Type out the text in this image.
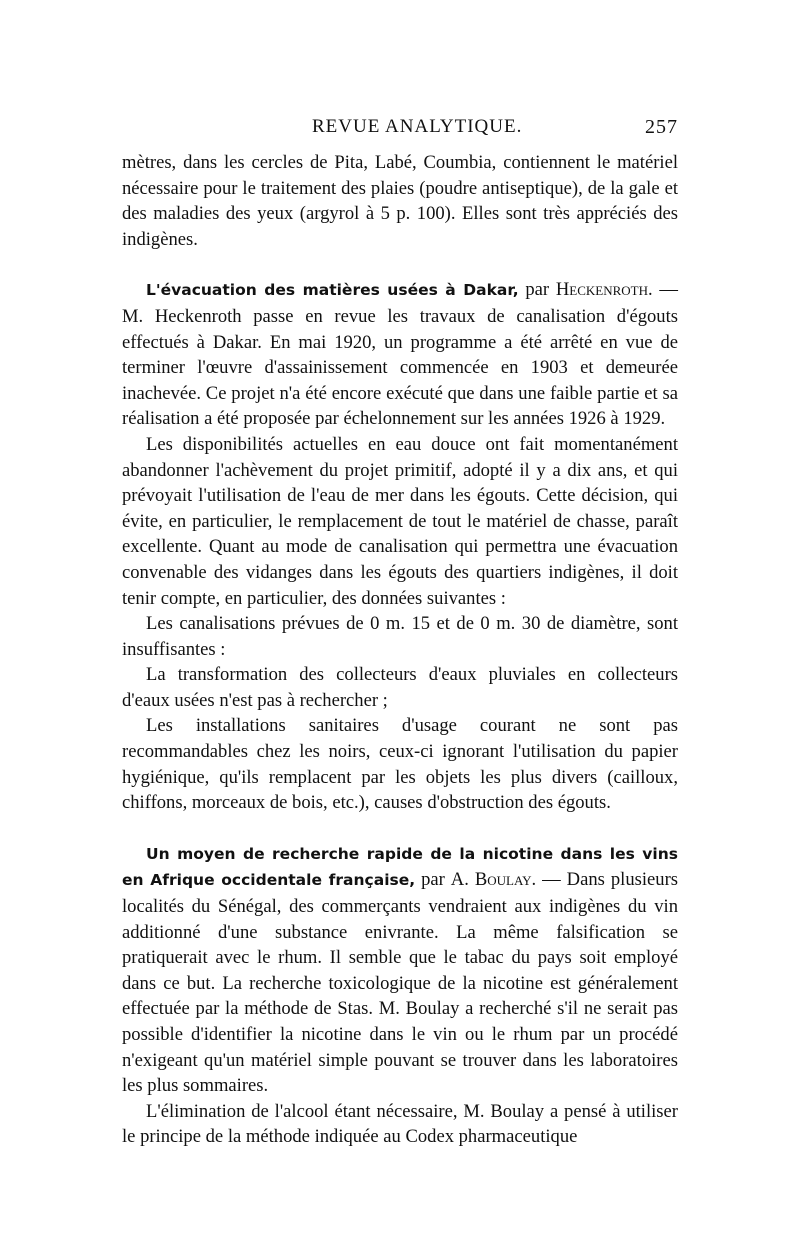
REVUE ANALYTIQUE.	257

mètres, dans les cercles de Pita, Labé, Coumbia, contiennent le matériel nécessaire pour le traitement des plaies (poudre antiseptique), de la gale et des maladies des yeux (argyrol à 5 p. 100). Elles sont très appréciés des indigènes.

L'évacuation des matières usées à Dakar, par Heckenroth. — M. Heckenroth passe en revue les travaux de canalisation d'égouts effectués à Dakar. En mai 1920, un programme a été arrêté en vue de terminer l'œuvre d'assainissement commencée en 1903 et demeurée inachevée. Ce projet n'a été encore exécuté que dans une faible partie et sa réalisation a été proposée par échelonnement sur les années 1926 à 1929.

Les disponibilités actuelles en eau douce ont fait momentanément abandonner l'achèvement du projet primitif, adopté il y a dix ans, et qui prévoyait l'utilisation de l'eau de mer dans les égouts. Cette décision, qui évite, en particulier, le remplacement de tout le matériel de chasse, paraît excellente. Quant au mode de canalisation qui permettra une évacuation convenable des vidanges dans les égouts des quartiers indigènes, il doit tenir compte, en particulier, des données suivantes :

Les canalisations prévues de 0 m. 15 et de 0 m. 30 de diamètre, sont insuffisantes :

La transformation des collecteurs d'eaux pluviales en collecteurs d'eaux usées n'est pas à rechercher ;

Les installations sanitaires d'usage courant ne sont pas recommandables chez les noirs, ceux-ci ignorant l'utilisation du papier hygiénique, qu'ils remplacent par les objets les plus divers (cailloux, chiffons, morceaux de bois, etc.), causes d'obstruction des égouts.

Un moyen de recherche rapide de la nicotine dans les vins en Afrique occidentale française, par A. Boulay. — Dans plusieurs localités du Sénégal, des commerçants vendraient aux indigènes du vin additionné d'une substance enivrante. La même falsification se pratiquerait avec le rhum. Il semble que le tabac du pays soit employé dans ce but. La recherche toxicologique de la nicotine est généralement effectuée par la méthode de Stas. M. Boulay a recherché s'il ne serait pas possible d'identifier la nicotine dans le vin ou le rhum par un procédé n'exigeant qu'un matériel simple pouvant se trouver dans les laboratoires les plus sommaires.

L'élimination de l'alcool étant nécessaire, M. Boulay a pensé à utiliser le principe de la méthode indiquée au Codex pharmaceutique
